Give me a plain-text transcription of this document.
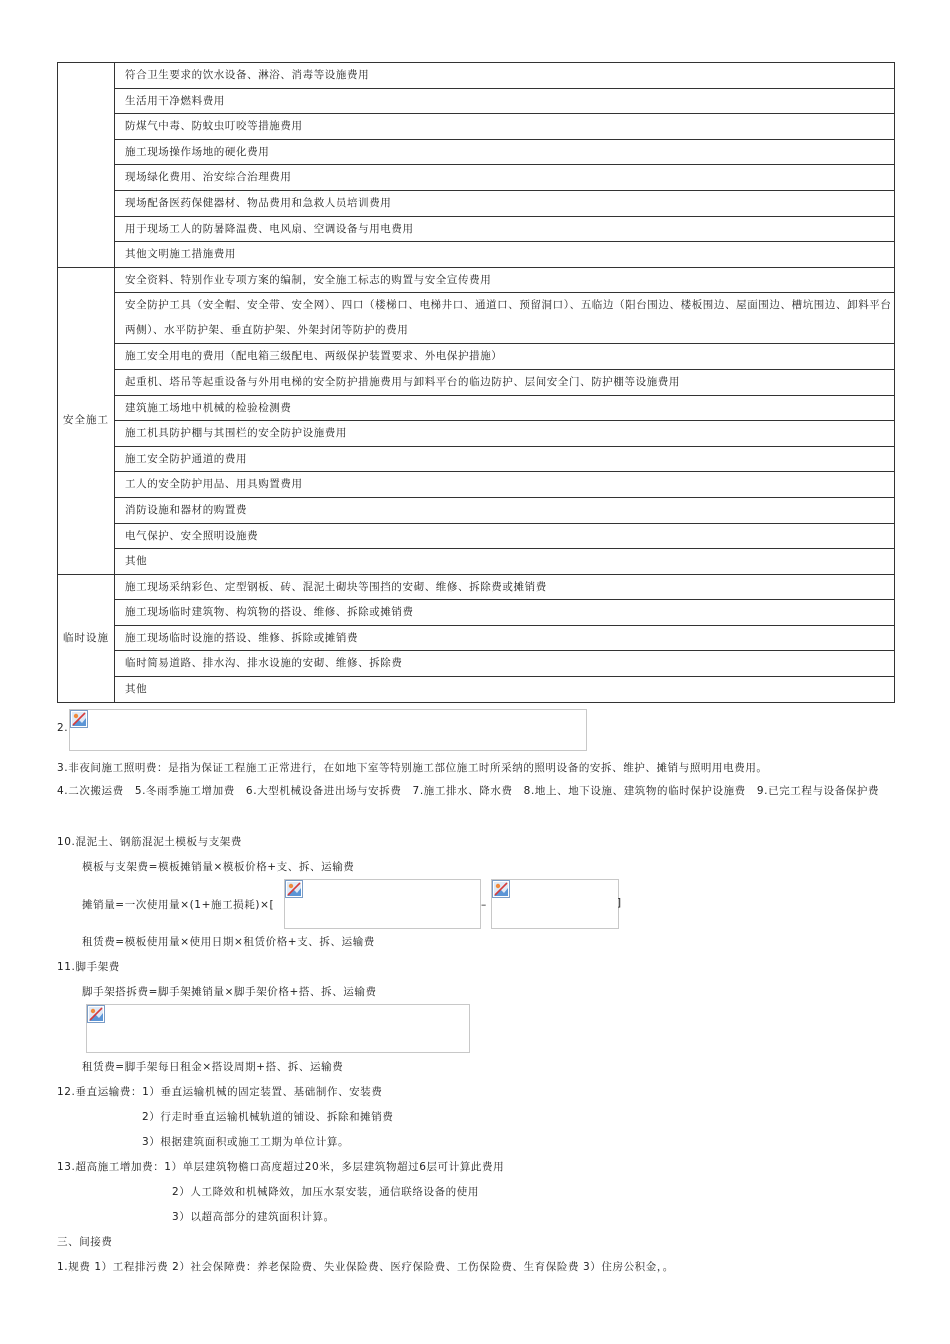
	符合卫生要求的饮水设备、淋浴、消毒等设施费用
	生活用干净燃料费用
	防煤气中毒、防蚊虫叮咬等措施费用
	施工现场操作场地的硬化费用
	现场绿化费用、治安综合治理费用
	现场配备医药保健器材、物品费用和急救人员培训费用
	用于现场工人的防暑降温费、电风扇、空调设备与用电费用
	其他文明施工措施费用
安全施工	安全资料、特别作业专项方案的编制，安全施工标志的购置与安全宣传费用
	安全防护工具（安全帽、安全带、安全网）、四口（楼梯口、电梯井口、通道口、预留洞口）、五临边（阳台围边、楼板围边、屋面围边、槽坑围边、卸料平台两侧）、水平防护架、垂直防护架、外架封闭等防护的费用
	施工安全用电的费用（配电箱三级配电、两级保护装置要求、外电保护措施）
	起重机、塔吊等起重设备与外用电梯的安全防护措施费用与卸料平台的临边防护、层间安全门、防护棚等设施费用
	建筑施工场地中机械的检验检测费
	施工机具防护棚与其围栏的安全防护设施费用
	施工安全防护通道的费用
	工人的安全防护用品、用具购置费用
	消防设施和器材的购置费
	电气保护、安全照明设施费
	其他
临时设施	施工现场采纳彩色、定型钢板、砖、混泥土砌块等围挡的安砌、维修、拆除费或摊销费
	施工现场临时建筑物、构筑物的搭设、维修、拆除或摊销费
	施工现场临时设施的搭设、维修、拆除或摊销费
	临时简易道路、排水沟、排水设施的安砌、维修、拆除费
	其他
2.
3.非夜间施工照明费：是指为保证工程施工正常进行，在如地下室等特别施工部位施工时所采纳的照明设备的安拆、维护、摊销与照明用电费用。
4.二次搬运费　5.冬雨季施工增加费　6.大型机械设备进出场与安拆费　7.施工排水、降水费　8.地上、地下设施、建筑物的临时保护设施费　9.已完工程与设备保护费
10.混泥土、钢筋混泥土模板与支架费
模板与支架费=模板摊销量×模板价格+支、拆、运输费
摊销量=一次使用量×(1+施工损耗)×[	–	]
租赁费=模板使用量×使用日期×租赁价格+支、拆、运输费
11.脚手架费
脚手架搭拆费=脚手架摊销量×脚手架价格+搭、拆、运输费
租赁费=脚手架每日租金×搭设周期+搭、拆、运输费
12.垂直运输费：1）垂直运输机械的固定装置、基础制作、安装费
2）行走时垂直运输机械轨道的铺设、拆除和摊销费
3）根据建筑面积或施工工期为单位计算。
13.超高施工增加费：1）单层建筑物檐口高度超过20米，多层建筑物超过6层可计算此费用
2）人工降效和机械降效，加压水泵安装，通信联络设备的使用
3）以超高部分的建筑面积计算。
三、间接费
1.规费 1）工程排污费 2）社会保障费：养老保险费、失业保险费、医疗保险费、工伤保险费、生育保险费 3）住房公积金，。
